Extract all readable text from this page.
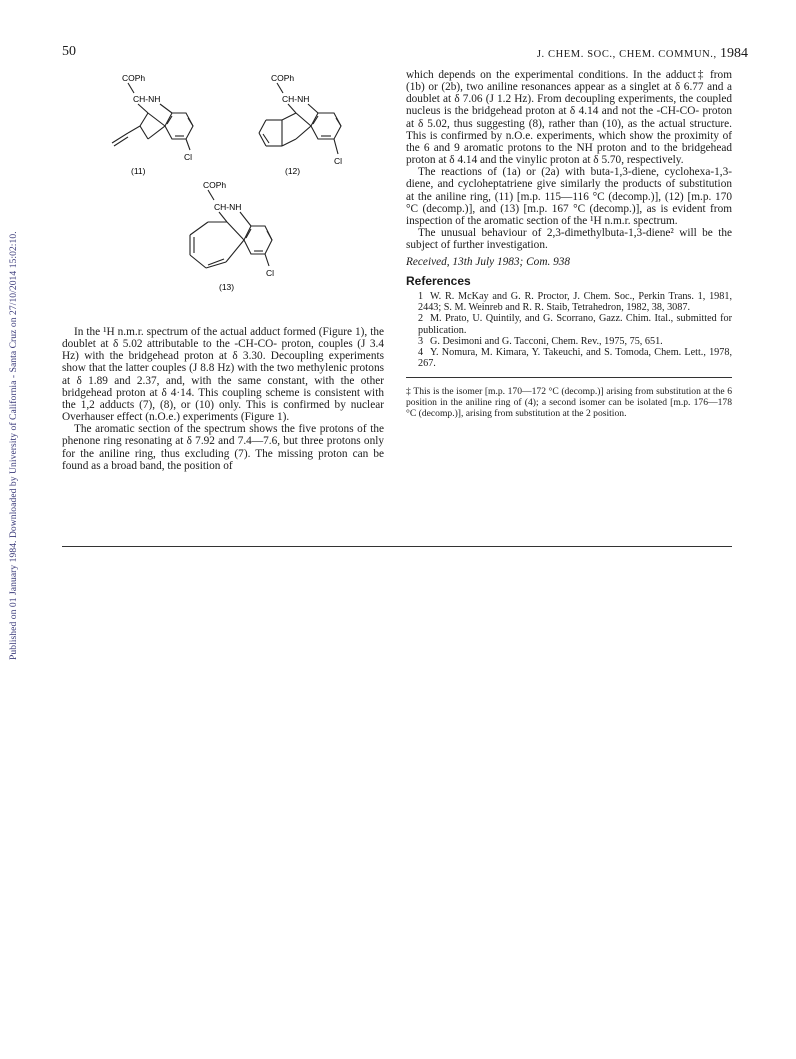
Published on 01 January 1984. Downloaded by University of California - Santa Cruz on 27/10/2014 15:02:10.
50	J. CHEM. SOC., CHEM. COMMUN., 1984
COPh
CH-NH
Cl
(11)
COPh
CH-NH
Cl
(12)
COPh
CH-NH
Cl
(13)

In the ¹H n.m.r. spectrum of the actual adduct formed (Figure 1), the doublet at δ 5.02 attributable to the -CH-CO- proton, couples (J 3.4 Hz) with the bridgehead proton at δ 3.30. Decoupling experiments show that the latter couples (J 8.8 Hz) with the two methylenic protons at δ 1.89 and 2.37, and, with the same constant, with the other bridgehead proton at δ 4·14. This coupling scheme is consistent with the 1,2 adducts (7), (8), or (10) only. This is confirmed by nuclear Overhauser effect (n.O.e.) experiments (Figure 1).

The aromatic section of the spectrum shows the five protons of the phenone ring resonating at δ 7.92 and 7.4—7.6, but three protons only for the aniline ring, thus excluding (7). The missing proton can be found as a broad band, the position of

which depends on the experimental conditions. In the adduct‡ from (1b) or (2b), two aniline resonances appear as a singlet at δ 6.77 and a doublet at δ 7.06 (J 1.2 Hz). From decoupling experiments, the coupled nucleus is the bridgehead proton at δ 4.14 and not the -CH-CO- proton at δ 5.02, thus suggesting (8), rather than (10), as the actual structure. This is confirmed by n.O.e. experiments, which show the proximity of the 6 and 9 aromatic protons to the NH proton and to the bridgehead proton at δ 4.14 and the vinylic proton at δ 5.70, respectively.

The reactions of (1a) or (2a) with buta-1,3-diene, cyclohexa-1,3-diene, and cycloheptatriene give similarly the products of substitution at the aniline ring, (11) [m.p. 115—116 °C (decomp.)], (12) [m.p. 170 °C (decomp.)], and (13) [m.p. 167 °C (decomp.)], as is evident from inspection of the aromatic section of the ¹H n.m.r. spectrum.

The unusual behaviour of 2,3-dimethylbuta-1,3-diene² will be the subject of further investigation.

Received, 13th July 1983; Com. 938
References

1 W. R. McKay and G. R. Proctor, J. Chem. Soc., Perkin Trans. 1, 1981, 2443; S. M. Weinreb and R. R. Staib, Tetrahedron, 1982, 38, 3087.

2 M. Prato, U. Quintily, and G. Scorrano, Gazz. Chim. Ital., submitted for publication.

3 G. Desimoni and G. Tacconi, Chem. Rev., 1975, 75, 651.

4 Y. Nomura, M. Kimara, Y. Takeuchi, and S. Tomoda, Chem. Lett., 1978, 267.

‡ This is the isomer [m.p. 170—172 °C (decomp.)] arising from substitution at the 6 position in the aniline ring of (4); a second isomer can be isolated [m.p. 176—178 °C (decomp.)], arising from substitution at the 2 position.
